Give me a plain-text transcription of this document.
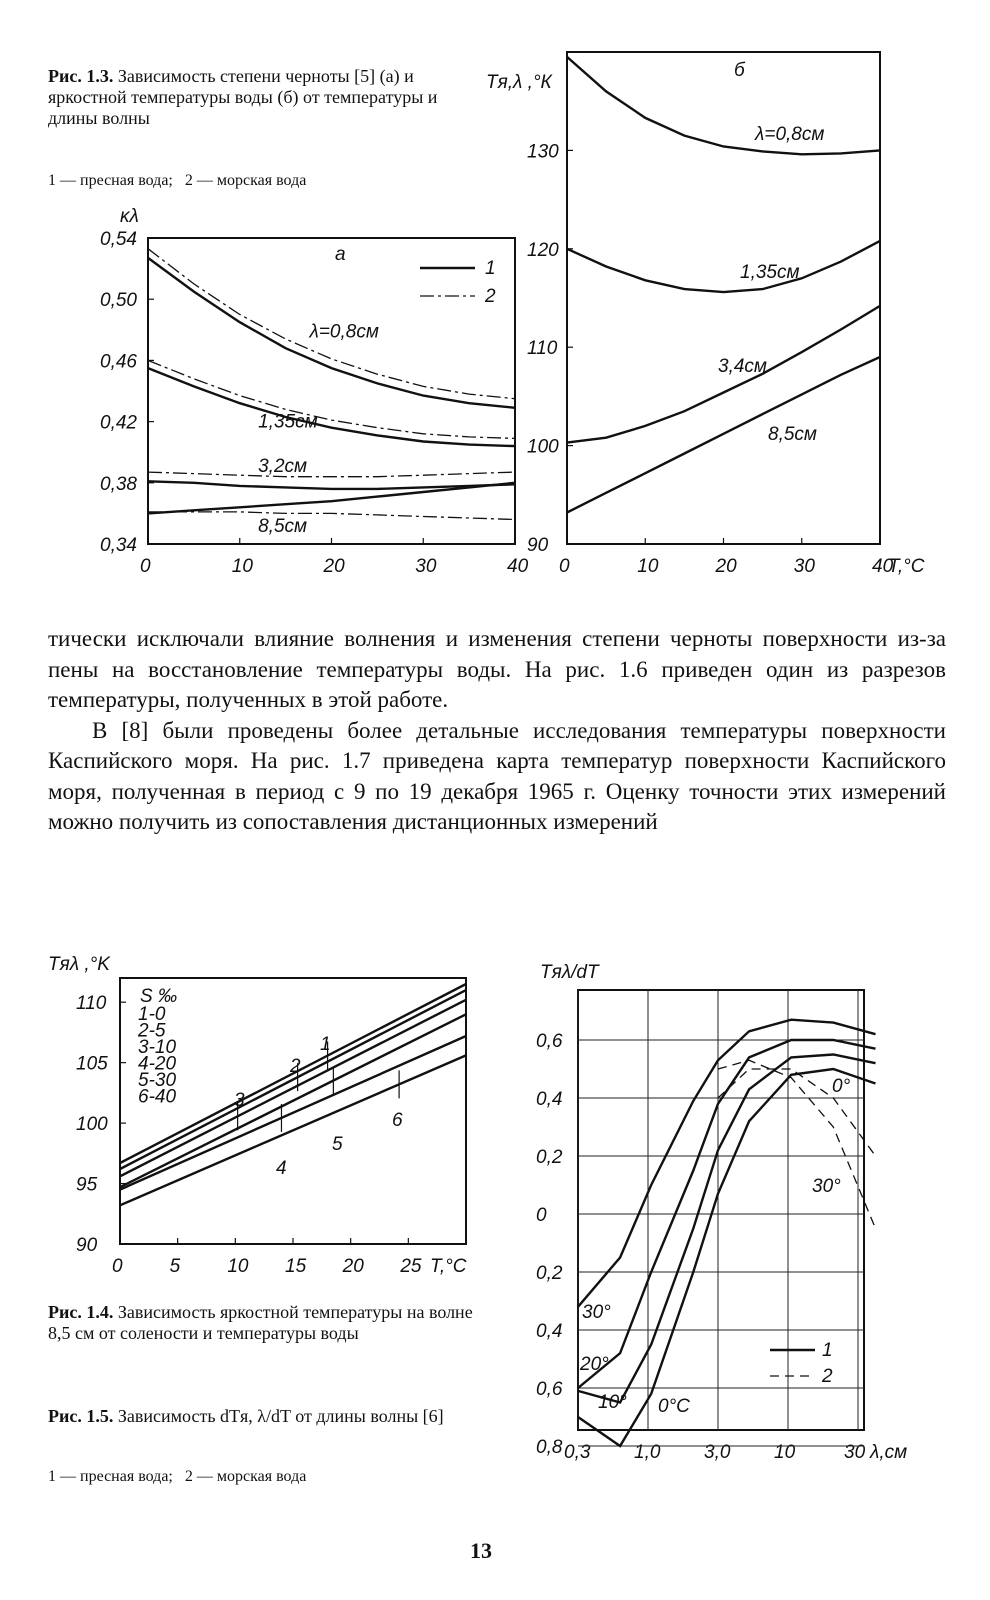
Рис. 1.3. Зависимость степени черноты [5] (а) и яркостной температуры воды (б) от температуры и длины волны
1 — пресная вода;   2 — морская вода
0	10	20	30	40
0,34
0,38
0,42
0,46
0,50
0,54
κλ
а
λ=0,8см
1,35см
3,2см
8,5см
1
2
0	10	20	30	40
90
100
110
120
130
Tя,λ ,°К
T,°C
б
λ=0,8см
1,35см
3,4см
8,5см

тически исключали влияние волнения и изменения степени черноты поверхности из-за пены на восстановление температуры воды. На рис. 1.6 приведен один из разрезов температуры, полученных в этой работе.

В [8] были проведены более детальные исследования температуры поверхности Каспийского моря. На рис. 1.7 приведена карта температур поверхности Каспийского моря, полученная в период с 9 по 19 декабря 1965 г. Оценку точности этих измерений можно получить из сопоставления дистанционных измерений

0 5 10 15 20 25 T,°C
90
95
100
105
110
Tяλ ,°K
S ‰
1-0
2-5
3-10
4-20
5-30
6-40
1
2
3
4
5
6
Рис. 1.4. Зависимость яркостной температуры на волне 8,5 см от солености и температуры воды
Рис. 1.5. Зависимость dTя, λ/dT от длины волны [6]
1 — пресная вода;   2 — морская вода
0,3 1,0 3,0 10	30 λ,см
0,6
0,4
0,2
0
0,2
0,4
0,6
0,8
Tяλ/dT
0°
30°
30°
20°
10° 0°C
1
2
13
